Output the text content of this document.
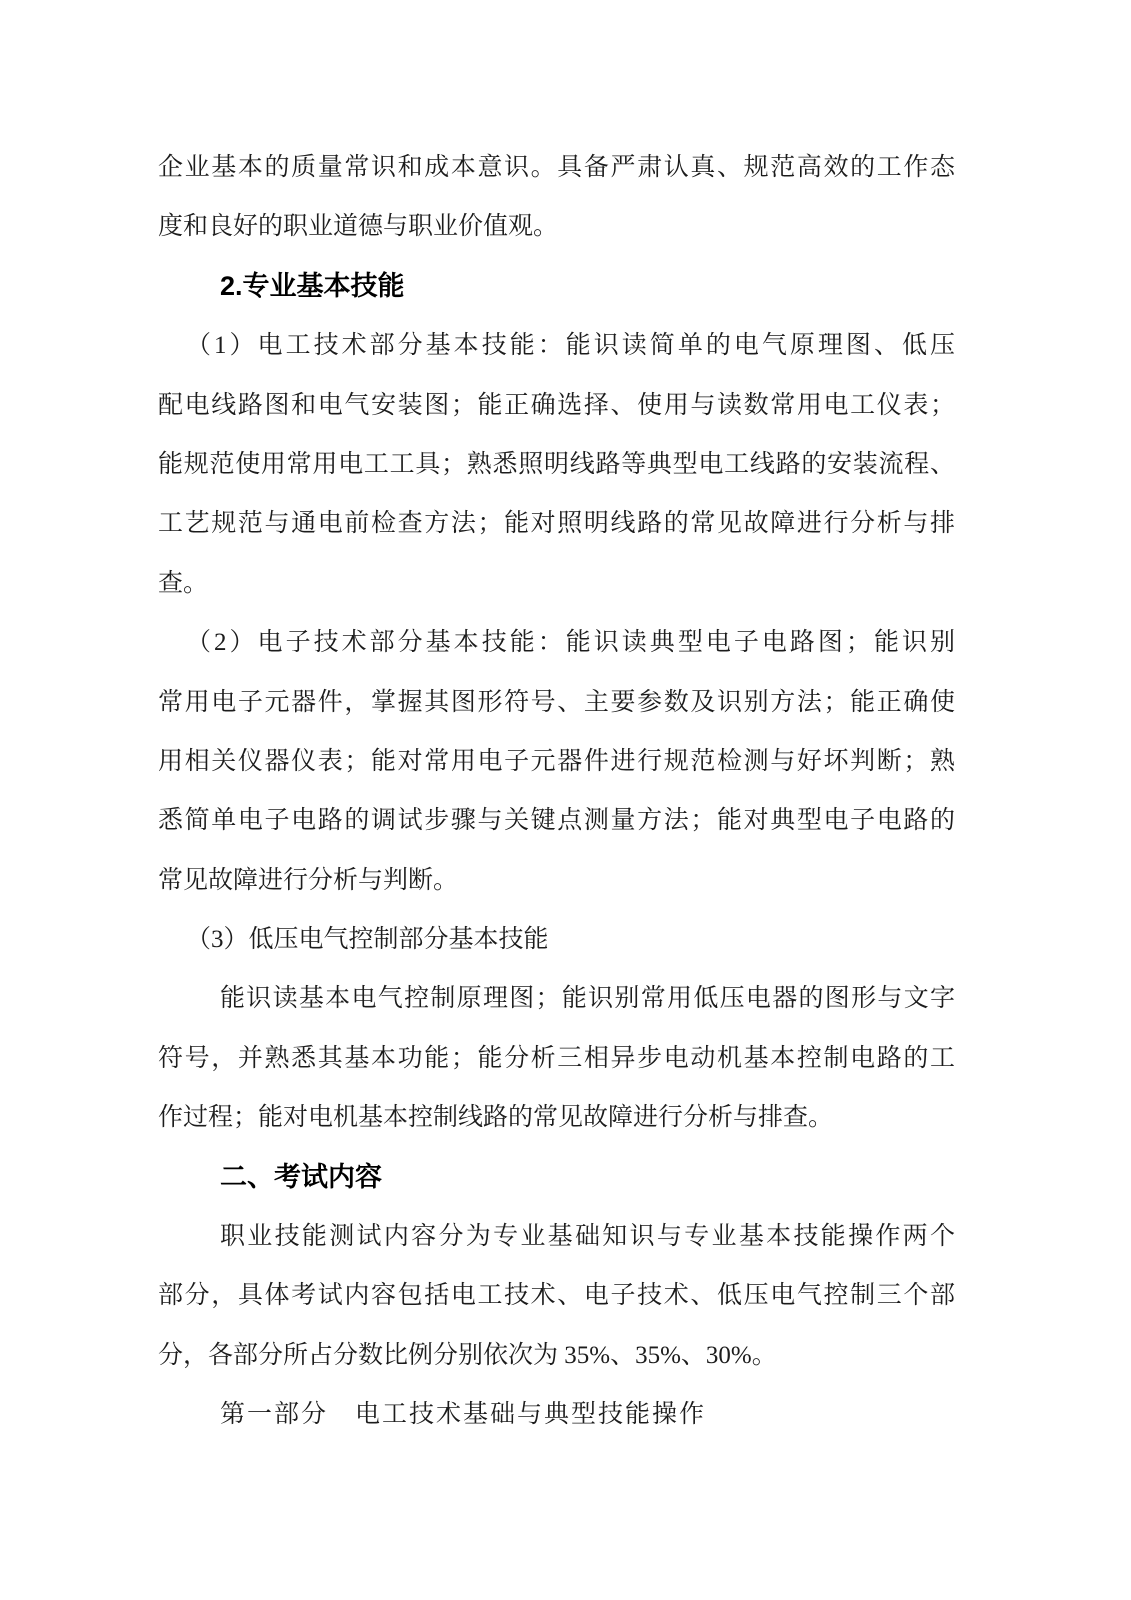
企业基本的质量常识和成本意识。具备严肃认真、规范高效的工作态
度和良好的职业道德与职业价值观。
2.专业基本技能
（1）电工技术部分基本技能：能识读简单的电气原理图、低压
配电线路图和电气安装图；能正确选择、使用与读数常用电工仪表；
能规范使用常用电工工具；熟悉照明线路等典型电工线路的安装流程、
工艺规范与通电前检查方法；能对照明线路的常见故障进行分析与排
查。
（2）电子技术部分基本技能：能识读典型电子电路图；能识别
常用电子元器件，掌握其图形符号、主要参数及识别方法；能正确使
用相关仪器仪表；能对常用电子元器件进行规范检测与好坏判断；熟
悉简单电子电路的调试步骤与关键点测量方法；能对典型电子电路的
常见故障进行分析与判断。
（3）低压电气控制部分基本技能
能识读基本电气控制原理图；能识别常用低压电器的图形与文字
符号，并熟悉其基本功能；能分析三相异步电动机基本控制电路的工
作过程；能对电机基本控制线路的常见故障进行分析与排查。
二、考试内容
职业技能测试内容分为专业基础知识与专业基本技能操作两个
部分，具体考试内容包括电工技术、电子技术、低压电气控制三个部
分，各部分所占分数比例分别依次为 35%、35%、30%。
第一部分　电工技术基础与典型技能操作
